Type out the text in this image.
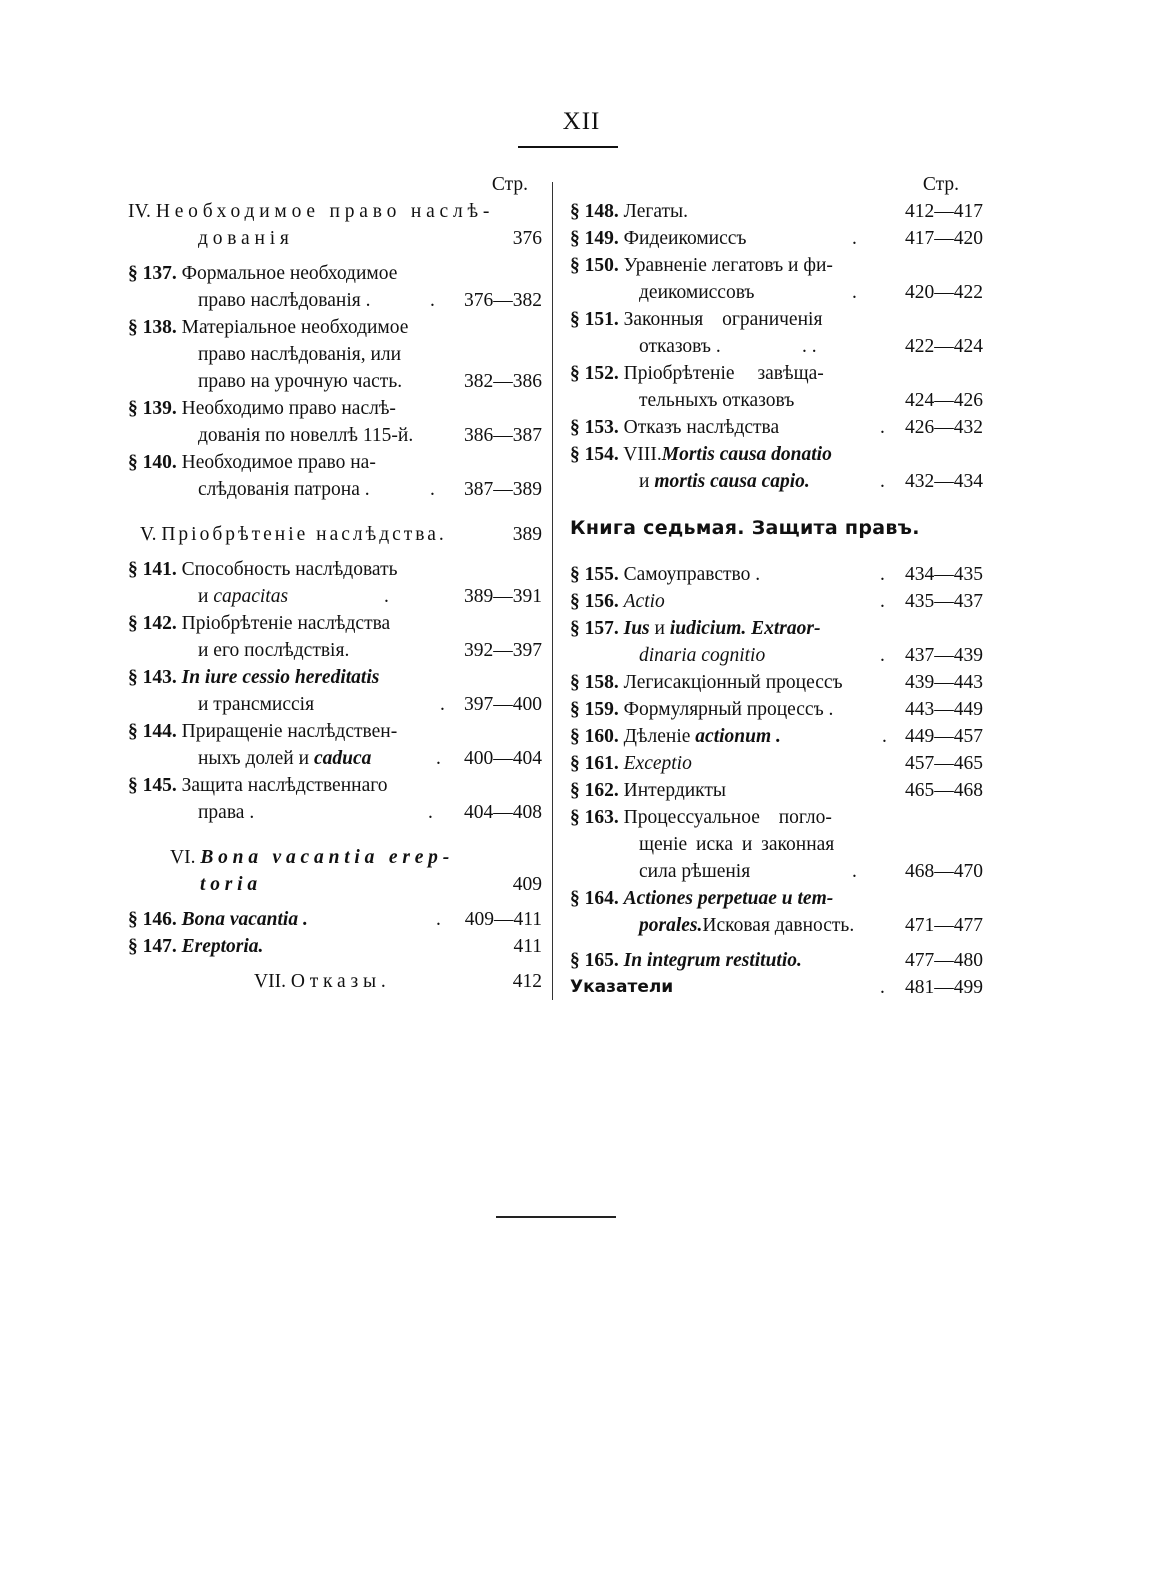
XII
Стр.
IV. Необходимое право наслѣ-
дованія	376
§ 137. Формальное необходимое
право наслѣдованія .	. 376—382
§ 138. Матеріальное необходимое
право наслѣдованія, или
право на урочную часть.	382—386
§ 139. Необходимо право наслѣ-
дованія по новеллѣ 115-й.	386—387
§ 140. Необходимое право на-
слѣдованія патрона .	. 387—389
V. Пріобрѣтеніе наслѣдства.	389
§ 141. Способность наслѣдовать
и capacitas	.	389—391
§ 142. Пріобрѣтеніе наслѣдства
и его послѣдствія.	392—397
§ 143. In iure cessio hereditatis
и трансмиссія	. 397—400
§ 144. Приращеніе наслѣдствен-
ныхъ долей и caduca	. 400—404
§ 145. Защита наслѣдственнаго
права .	. 404—408
VI. Bona vacantia erep-
toria	409
§ 146. Bona vacantia .	. 409—411
§ 147. Ereptoria.	411
VII. Отказы.	412
Стр.
§ 148. Легаты.	412—417
§ 149. Фидеикомиссъ	. 417—420
§ 150. Уравненіе легатовъ и фи-
деикомиссовъ	. 420—422
§ 151. Законныя ограниченія
отказовъ .	. .	422—424
§ 152. Пріобрѣтеніе завѣща-
тельныхъ отказовъ	424—426
§ 153. Отказъ наслѣдства	. 426—432
§ 154. VIII.Mortis causa donatio
и mortis causa capio.	. 432—434
Книга седьмая. Защита правъ.
§ 155. Самоуправство .	. 434—435
§ 156. Actio	. 435—437
§ 157. Ius и iudicium. Extraor-
dinaria cognitio	. 437—439
§ 158. Легисакціонный процессъ	439—443
§ 159. Формулярный процессъ .	443—449
§ 160. Дѣленіе actionum .	. 449—457
§ 161. Exceptio	457—465
§ 162. Интердикты	465—468
§ 163. Процессуальное погло-
щеніе иска и законная
сила рѣшенія	. 468—470
§ 164. Actiones perpetuae и tem-
porales.Исковая давность.	471—477
§ 165. In integrum restitutio.	477—480
Указатели	. 481—499
